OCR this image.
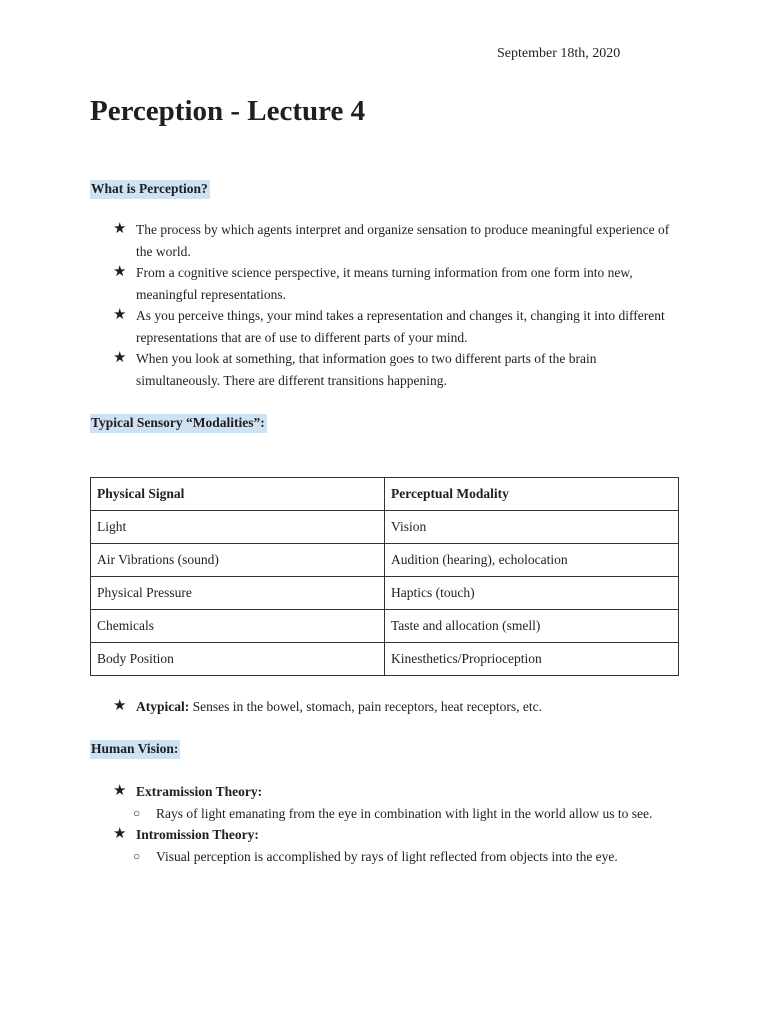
September 18th, 2020
Perception - Lecture 4
What is Perception?
★ The process by which agents interpret and organize sensation to produce meaningful experience of the world.
★ From a cognitive science perspective, it means turning information from one form into new, meaningful representations.
★ As you perceive things, your mind takes a representation and changes it, changing it into different representations that are of use to different parts of your mind.
★ When you look at something, that information goes to two different parts of the brain simultaneously. There are different transitions happening.
Typical Sensory “Modalities”:
Physical Signal	Perceptual Modality
Light	Vision
Air Vibrations (sound)	Audition (hearing), echolocation
Physical Pressure	Haptics (touch)
Chemicals	Taste and allocation (smell)
Body Position	Kinesthetics/Proprioception
★ Atypical: Senses in the bowel, stomach, pain receptors, heat receptors, etc.
Human Vision:
★ Extramission Theory:
○ Rays of light emanating from the eye in combination with light in the world allow us to see.
★ Intromission Theory:
○ Visual perception is accomplished by rays of light reflected from objects into the eye.
